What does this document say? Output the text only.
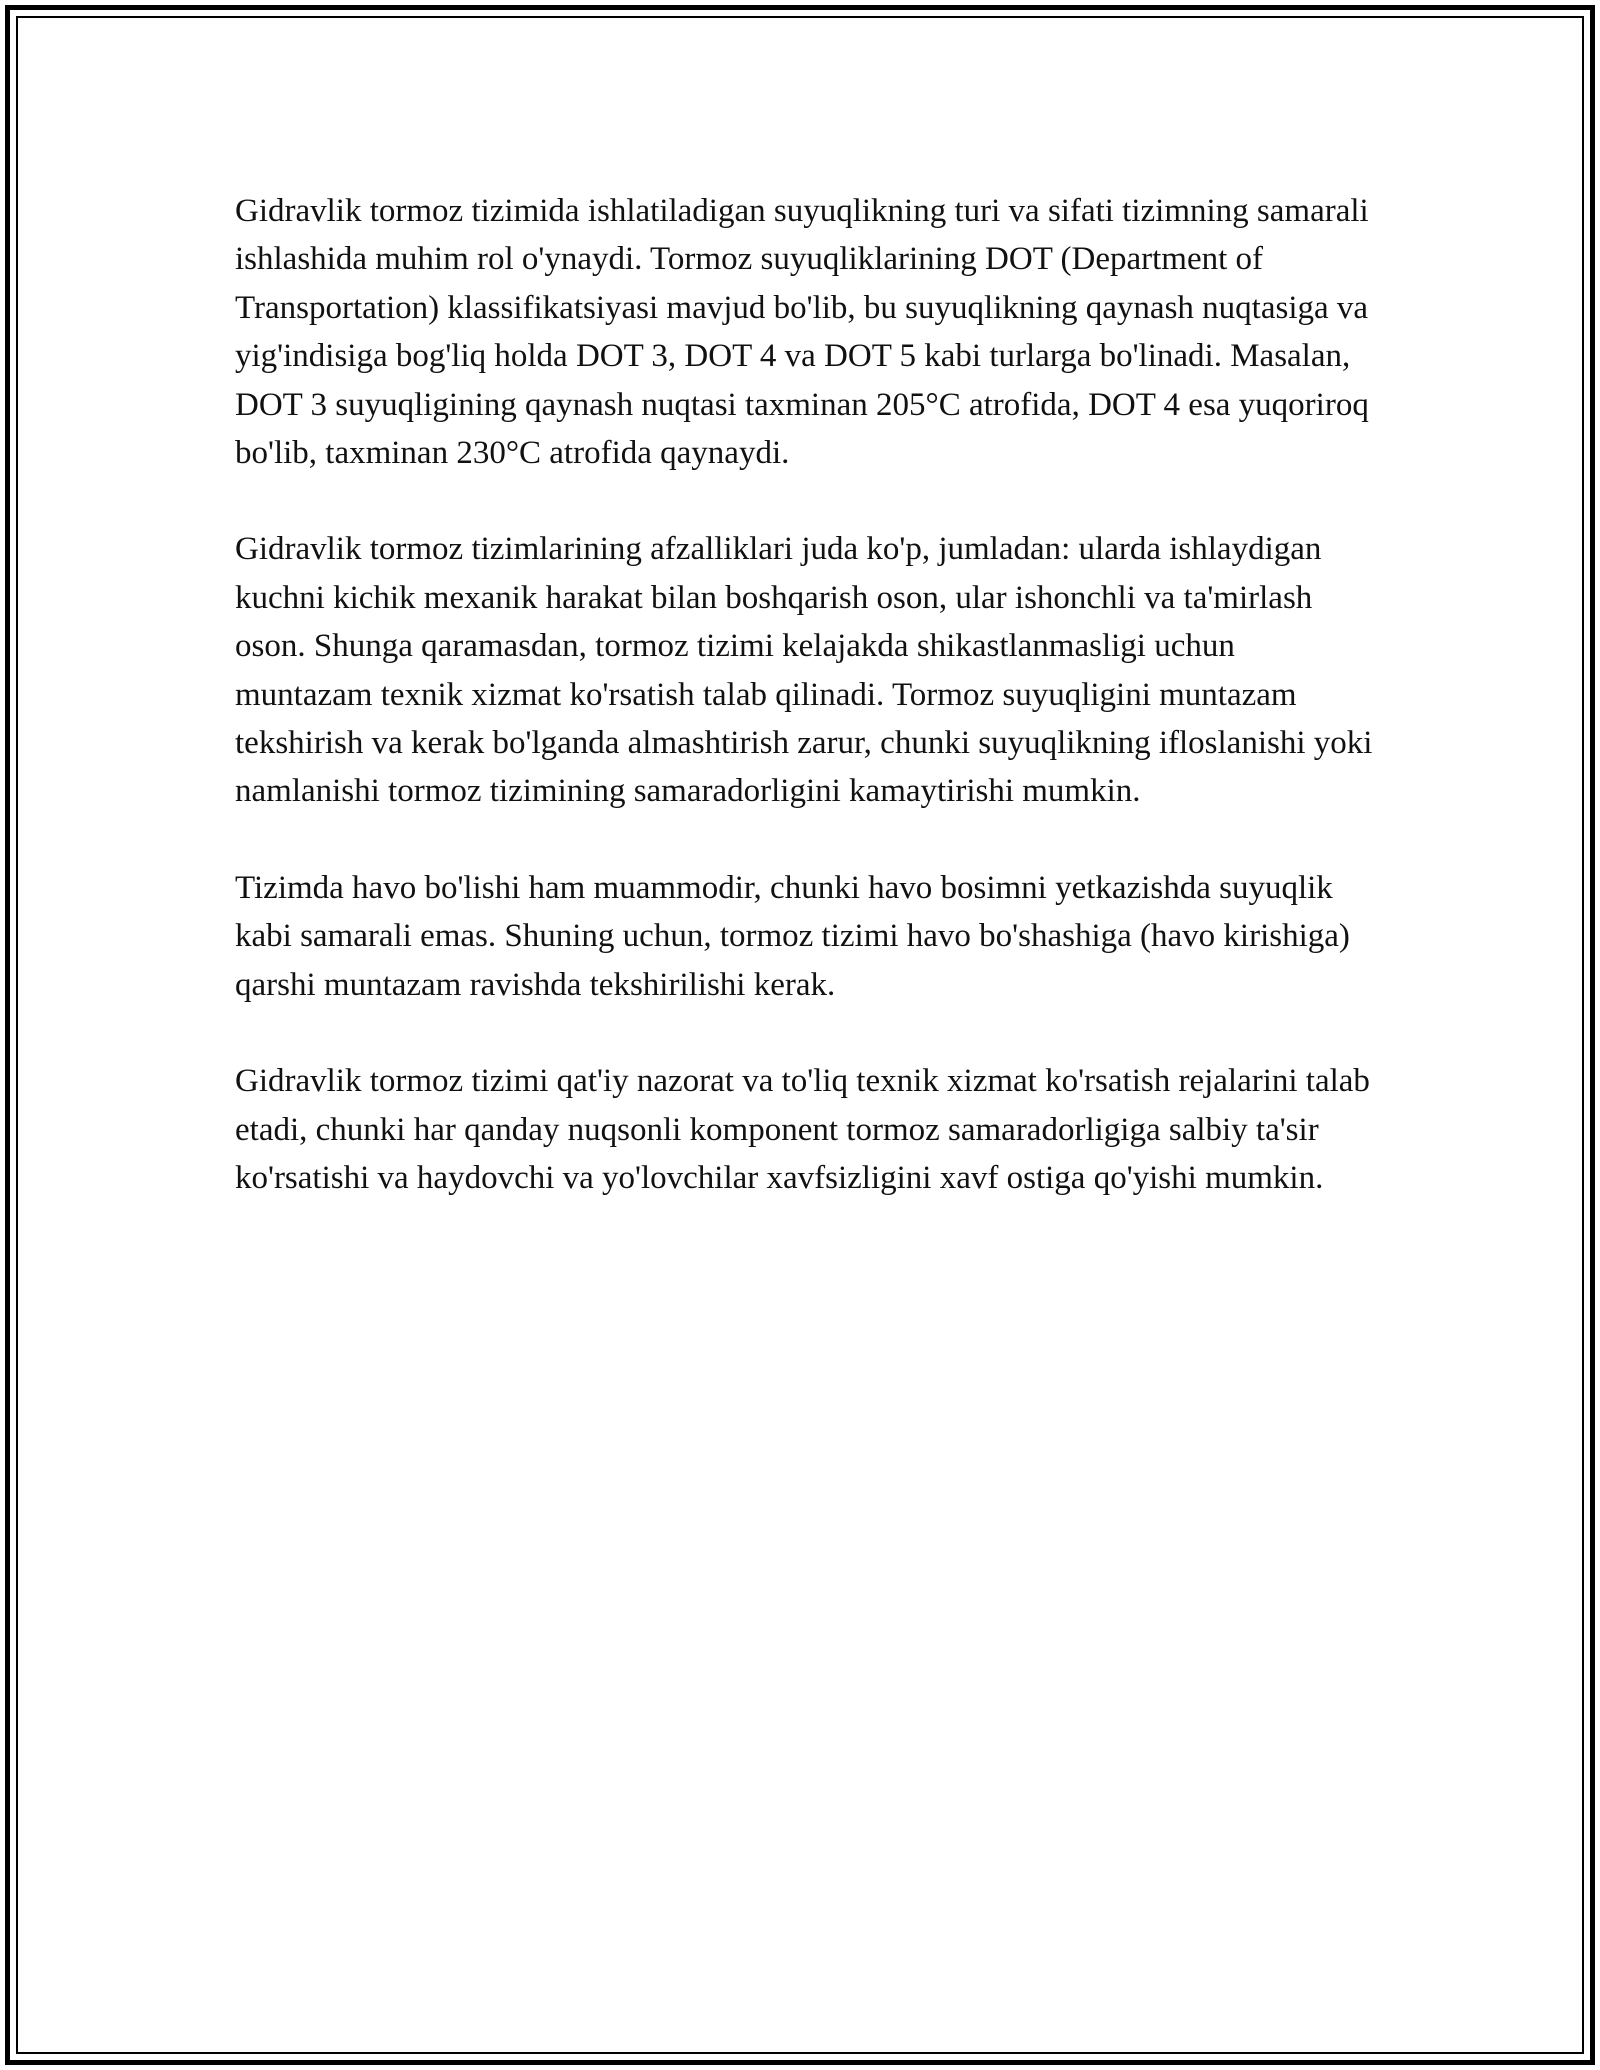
Gidravlik tormoz tizimida ishlatiladigan suyuqlikning turi va sifati tizimning samarali ishlashida muhim rol o'ynaydi. Tormoz suyuqliklarining DOT (Department of Transportation) klassifikatsiyasi mavjud bo'lib, bu suyuqlikning qaynash nuqtasiga va yig'indisiga bog'liq holda DOT 3, DOT 4 va DOT 5 kabi turlarga bo'linadi. Masalan, DOT 3 suyuqligining qaynash nuqtasi taxminan 205°C atrofida, DOT 4 esa yuqoriroq bo'lib, taxminan 230°C atrofida qaynaydi.

Gidravlik tormoz tizimlarining afzalliklari juda ko'p, jumladan: ularda ishlaydigan kuchni kichik mexanik harakat bilan boshqarish oson, ular ishonchli va ta'mirlash oson. Shunga qaramasdan, tormoz tizimi kelajakda shikastlanmasligi uchun muntazam texnik xizmat ko'rsatish talab qilinadi. Tormoz suyuqligini muntazam tekshirish va kerak bo'lganda almashtirish zarur, chunki suyuqlikning ifloslanishi yoki namlanishi tormoz tizimining samaradorligini kamaytirishi mumkin.

Tizimda havo bo'lishi ham muammodir, chunki havo bosimni yetkazishda suyuqlik kabi samarali emas. Shuning uchun, tormoz tizimi havo bo'shashiga (havo kirishiga) qarshi muntazam ravishda tekshirilishi kerak.

Gidravlik tormoz tizimi qat'iy nazorat va to'liq texnik xizmat ko'rsatish rejalarini talab etadi, chunki har qanday nuqsonli komponent tormoz samaradorligiga salbiy ta'sir ko'rsatishi va haydovchi va yo'lovchilar xavfsizligini xavf ostiga qo'yishi mumkin.
